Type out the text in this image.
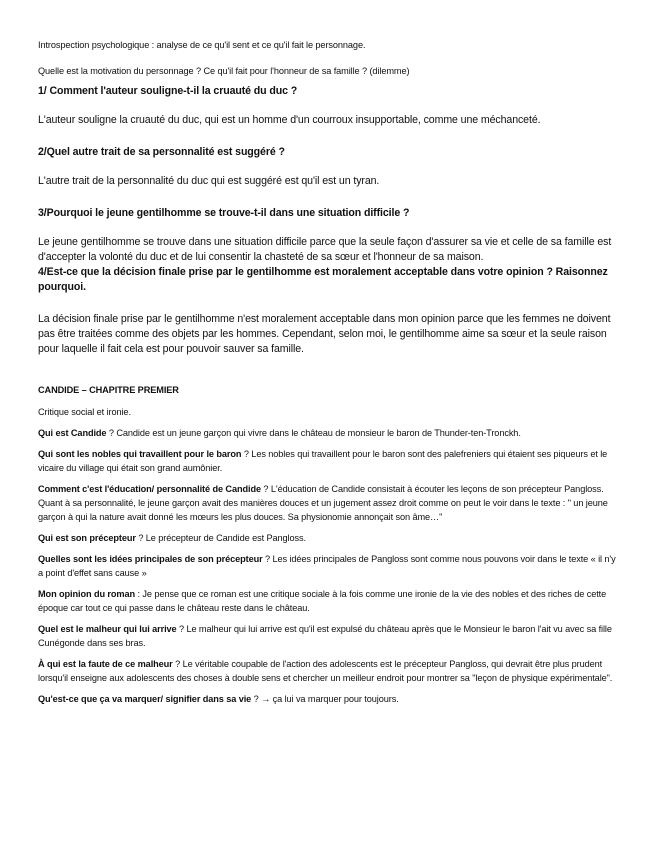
Introspection psychologique : analyse de ce qu'il sent et ce qu'il fait le personnage.

Quelle est la motivation du personnage ? Ce qu'il fait pour l'honneur de sa famille ? (dilemme)

1/ Comment l'auteur souligne-t-il la cruauté du duc ?

L'auteur souligne la cruauté du duc, qui est un homme d'un courroux insupportable, comme une méchanceté.

2/Quel autre trait de sa personnalité est suggéré ?

L'autre trait de la personnalité du duc qui est suggéré est qu'il est un tyran.

3/Pourquoi le jeune gentilhomme se trouve-t-il dans une situation difficile ?

Le jeune gentilhomme se trouve dans une situation difficile parce que la seule façon d'assurer sa vie et celle de sa famille est d'accepter la volonté du duc et de lui consentir la chasteté de sa sœur et l'honneur de sa maison.

4/Est-ce que la décision finale prise par le gentilhomme est moralement acceptable dans votre opinion ? Raisonnez pourquoi.

La décision finale prise par le gentilhomme n'est moralement acceptable dans mon opinion parce que les femmes ne doivent pas être traitées comme des objets par les hommes. Cependant, selon moi, le gentilhomme aime sa sœur et la seule raison pour laquelle il fait cela est pour pouvoir sauver sa famille.

CANDIDE – CHAPITRE PREMIER

Critique social et ironie.

Qui est Candide ? Candide est un jeune garçon qui vivre dans le château de monsieur le baron de Thunder-ten-Tronckh.

Qui sont les nobles qui travaillent pour le baron ? Les nobles qui travaillent pour le baron sont des palefreniers qui étaient ses piqueurs et le vicaire du village qui était son grand aumônier.

Comment c'est l'éducation/ personnalité de Candide ? L'éducation de Candide consistait à écouter les leçons de son précepteur Pangloss. Quant à sa personnalité, le jeune garçon avait des manières douces et un jugement assez droit comme on peut le voir dans le texte : " un jeune garçon à qui la nature avait donné les mœurs les plus douces. Sa physionomie annonçait son âme…"

Qui est son précepteur ? Le précepteur de Candide est Pangloss.

Quelles sont les idées principales de son précepteur ? Les idées principales de Pangloss sont comme nous pouvons voir dans le texte « il n'y a point d'effet sans cause »

Mon opinion du roman : Je pense que ce roman est une critique sociale à la fois comme une ironie de la vie des nobles et des riches de cette époque car tout ce qui passe dans le château reste dans le château.

Quel est le malheur qui lui arrive ? Le malheur qui lui arrive est qu'il est expulsé du château après que le Monsieur le baron l'ait vu avec sa fille Cunégonde dans ses bras.

À qui est la faute de ce malheur ? Le véritable coupable de l'action des adolescents est le précepteur Pangloss, qui devrait être plus prudent lorsqu'il enseigne aux adolescents des choses à double sens et chercher un meilleur endroit pour montrer sa "leçon de physique expérimentale".

Qu'est-ce que ça va marquer/ signifier dans sa vie ? → ça lui va marquer pour toujours.
